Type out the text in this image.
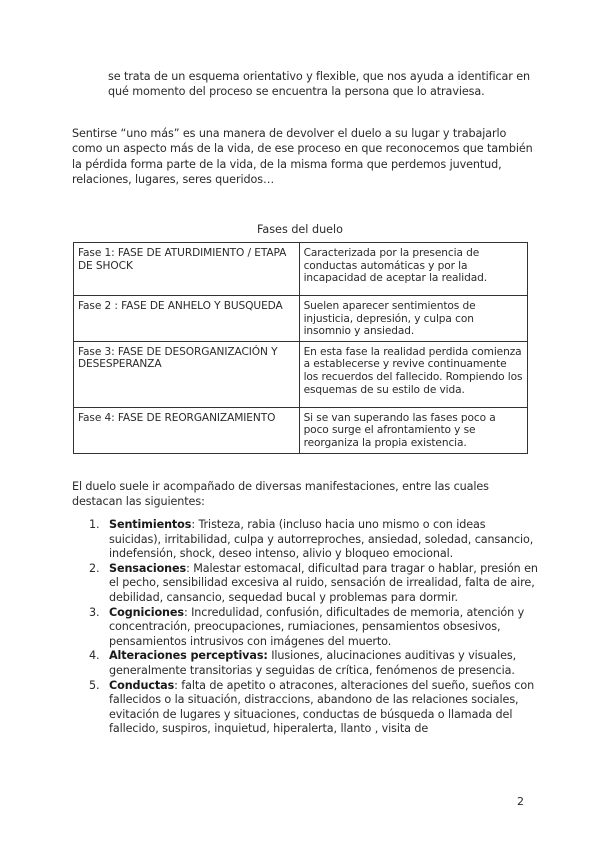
se trata de un esquema orientativo y flexible, que nos ayuda a identificar en qué momento del proceso se encuentra la persona que lo atraviesa.

Sentirse “uno más” es una manera de devolver el duelo a su lugar y trabajarlo como un aspecto más de la vida, de ese proceso en que reconocemos que también la pérdida forma parte de la vida, de la misma forma que perdemos juventud, relaciones, lugares, seres queridos…

Fases del duelo
Fase 1: FASE DE ATURDIMIENTO / ETAPA DE SHOCK	Caracterizada por la presencia de conductas automáticas y por la incapacidad de aceptar la realidad.
Fase 2 : FASE DE ANHELO Y BUSQUEDA	Suelen aparecer sentimientos de injusticia, depresión, y culpa con insomnio y ansiedad.
Fase 3: FASE DE DESORGANIZACIÓN Y DESESPERANZA	En esta fase la realidad perdida comienza a establecerse y revive continuamente los recuerdos del fallecido. Rompiendo los esquemas de su estilo de vida.
Fase 4: FASE DE REORGANIZAMIENTO	Si se van superando las fases poco a poco surge el afrontamiento y se reorganiza la propia existencia.

El duelo suele ir acompañado de diversas manifestaciones, entre las cuales destacan las siguientes:

1. Sentimientos: Tristeza, rabia (incluso hacia uno mismo o con ideas suicidas), irritabilidad, culpa y autorreproches, ansiedad, soledad, cansancio, indefensión, shock, deseo intenso, alivio y bloqueo emocional.
2. Sensaciones: Malestar estomacal, dificultad para tragar o hablar, presión en el pecho, sensibilidad excesiva al ruido, sensación de irrealidad, falta de aire, debilidad, cansancio, sequedad bucal y problemas para dormir.
3. Cogniciones: Incredulidad, confusión, dificultades de memoria, atención y concentración, preocupaciones, rumiaciones, pensamientos obsesivos, pensamientos intrusivos con imágenes del muerto.
4. Alteraciones perceptivas: Ilusiones, alucinaciones auditivas y visuales, generalmente transitorias y seguidas de crítica, fenómenos de presencia.
5. Conductas: falta de apetito o atracones, alteraciones del sueño, sueños con fallecidos o la situación, distraccions, abandono de las relaciones sociales, evitación de lugares y situaciones, conductas de búsqueda o llamada del fallecido, suspiros, inquietud, hiperalerta, llanto , visita de
2
